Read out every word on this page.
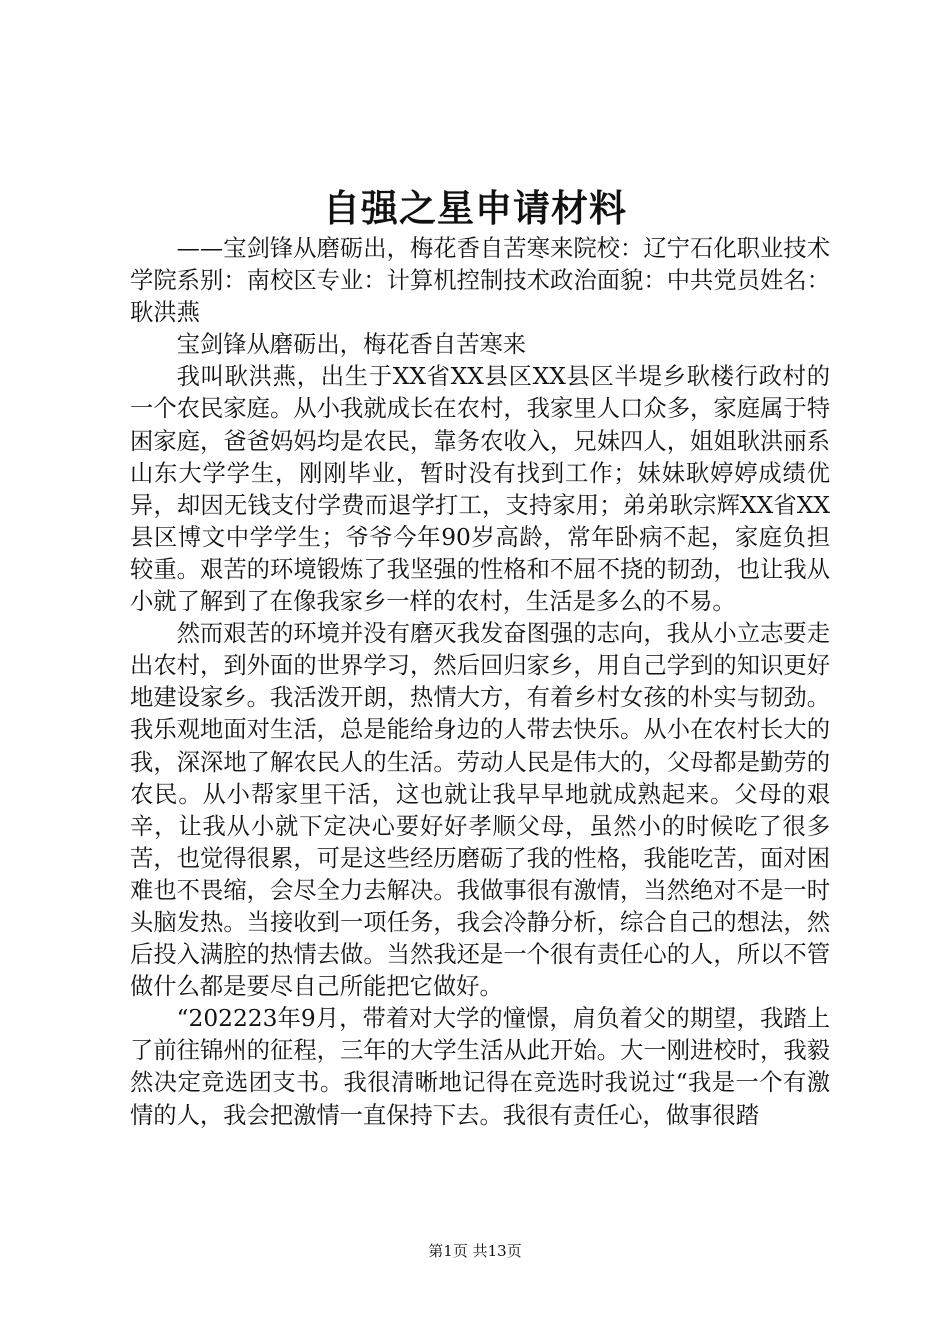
自强之星申请材料

——宝剑锋从磨砺出，梅花香自苦寒来院校：辽宁石化职业技术学院系别：南校区专业：计算机控制技术政治面貌：中共党员姓名：耿洪燕

宝剑锋从磨砺出，梅花香自苦寒来

我叫耿洪燕，出生于XX省XX县区XX县区半堤乡耿楼行政村的一个农民家庭。从小我就成长在农村，我家里人口众多，家庭属于特困家庭，爸爸妈妈均是农民，靠务农收入，兄妹四人，姐姐耿洪丽系山东大学学生，刚刚毕业，暂时没有找到工作；妹妹耿婷婷成绩优异，却因无钱支付学费而退学打工，支持家用；弟弟耿宗辉XX省XX县区博文中学学生；爷爷今年90岁高龄，常年卧病不起，家庭负担较重。艰苦的环境锻炼了我坚强的性格和不屈不挠的韧劲，也让我从小就了解到了在像我家乡一样的农村，生活是多么的不易。

然而艰苦的环境并没有磨灭我发奋图强的志向，我从小立志要走出农村，到外面的世界学习，然后回归家乡，用自己学到的知识更好地建设家乡。我活泼开朗，热情大方，有着乡村女孩的朴实与韧劲。我乐观地面对生活，总是能给身边的人带去快乐。从小在农村长大的我，深深地了解农民人的生活。劳动人民是伟大的，父母都是勤劳的农民。从小帮家里干活，这也就让我早早地就成熟起来。父母的艰辛，让我从小就下定决心要好好孝顺父母，虽然小的时候吃了很多苦，也觉得很累，可是这些经历磨砺了我的性格，我能吃苦，面对困难也不畏缩，会尽全力去解决。我做事很有激情，当然绝对不是一时头脑发热。当接收到一项任务，我会冷静分析，综合自己的想法，然后投入满腔的热情去做。当然我还是一个很有责任心的人，所以不管做什么都是要尽自己所能把它做好。

“202223年9月，带着对大学的憧憬，肩负着父的期望，我踏上了前往锦州的征程，三年的大学生活从此开始。大一刚进校时，我毅然决定竞选团支书。我很清晰地记得在竞选时我说过“我是一个有激情的人，我会把激情一直保持下去。我很有责任心，做事很踏

第1页 共13页
